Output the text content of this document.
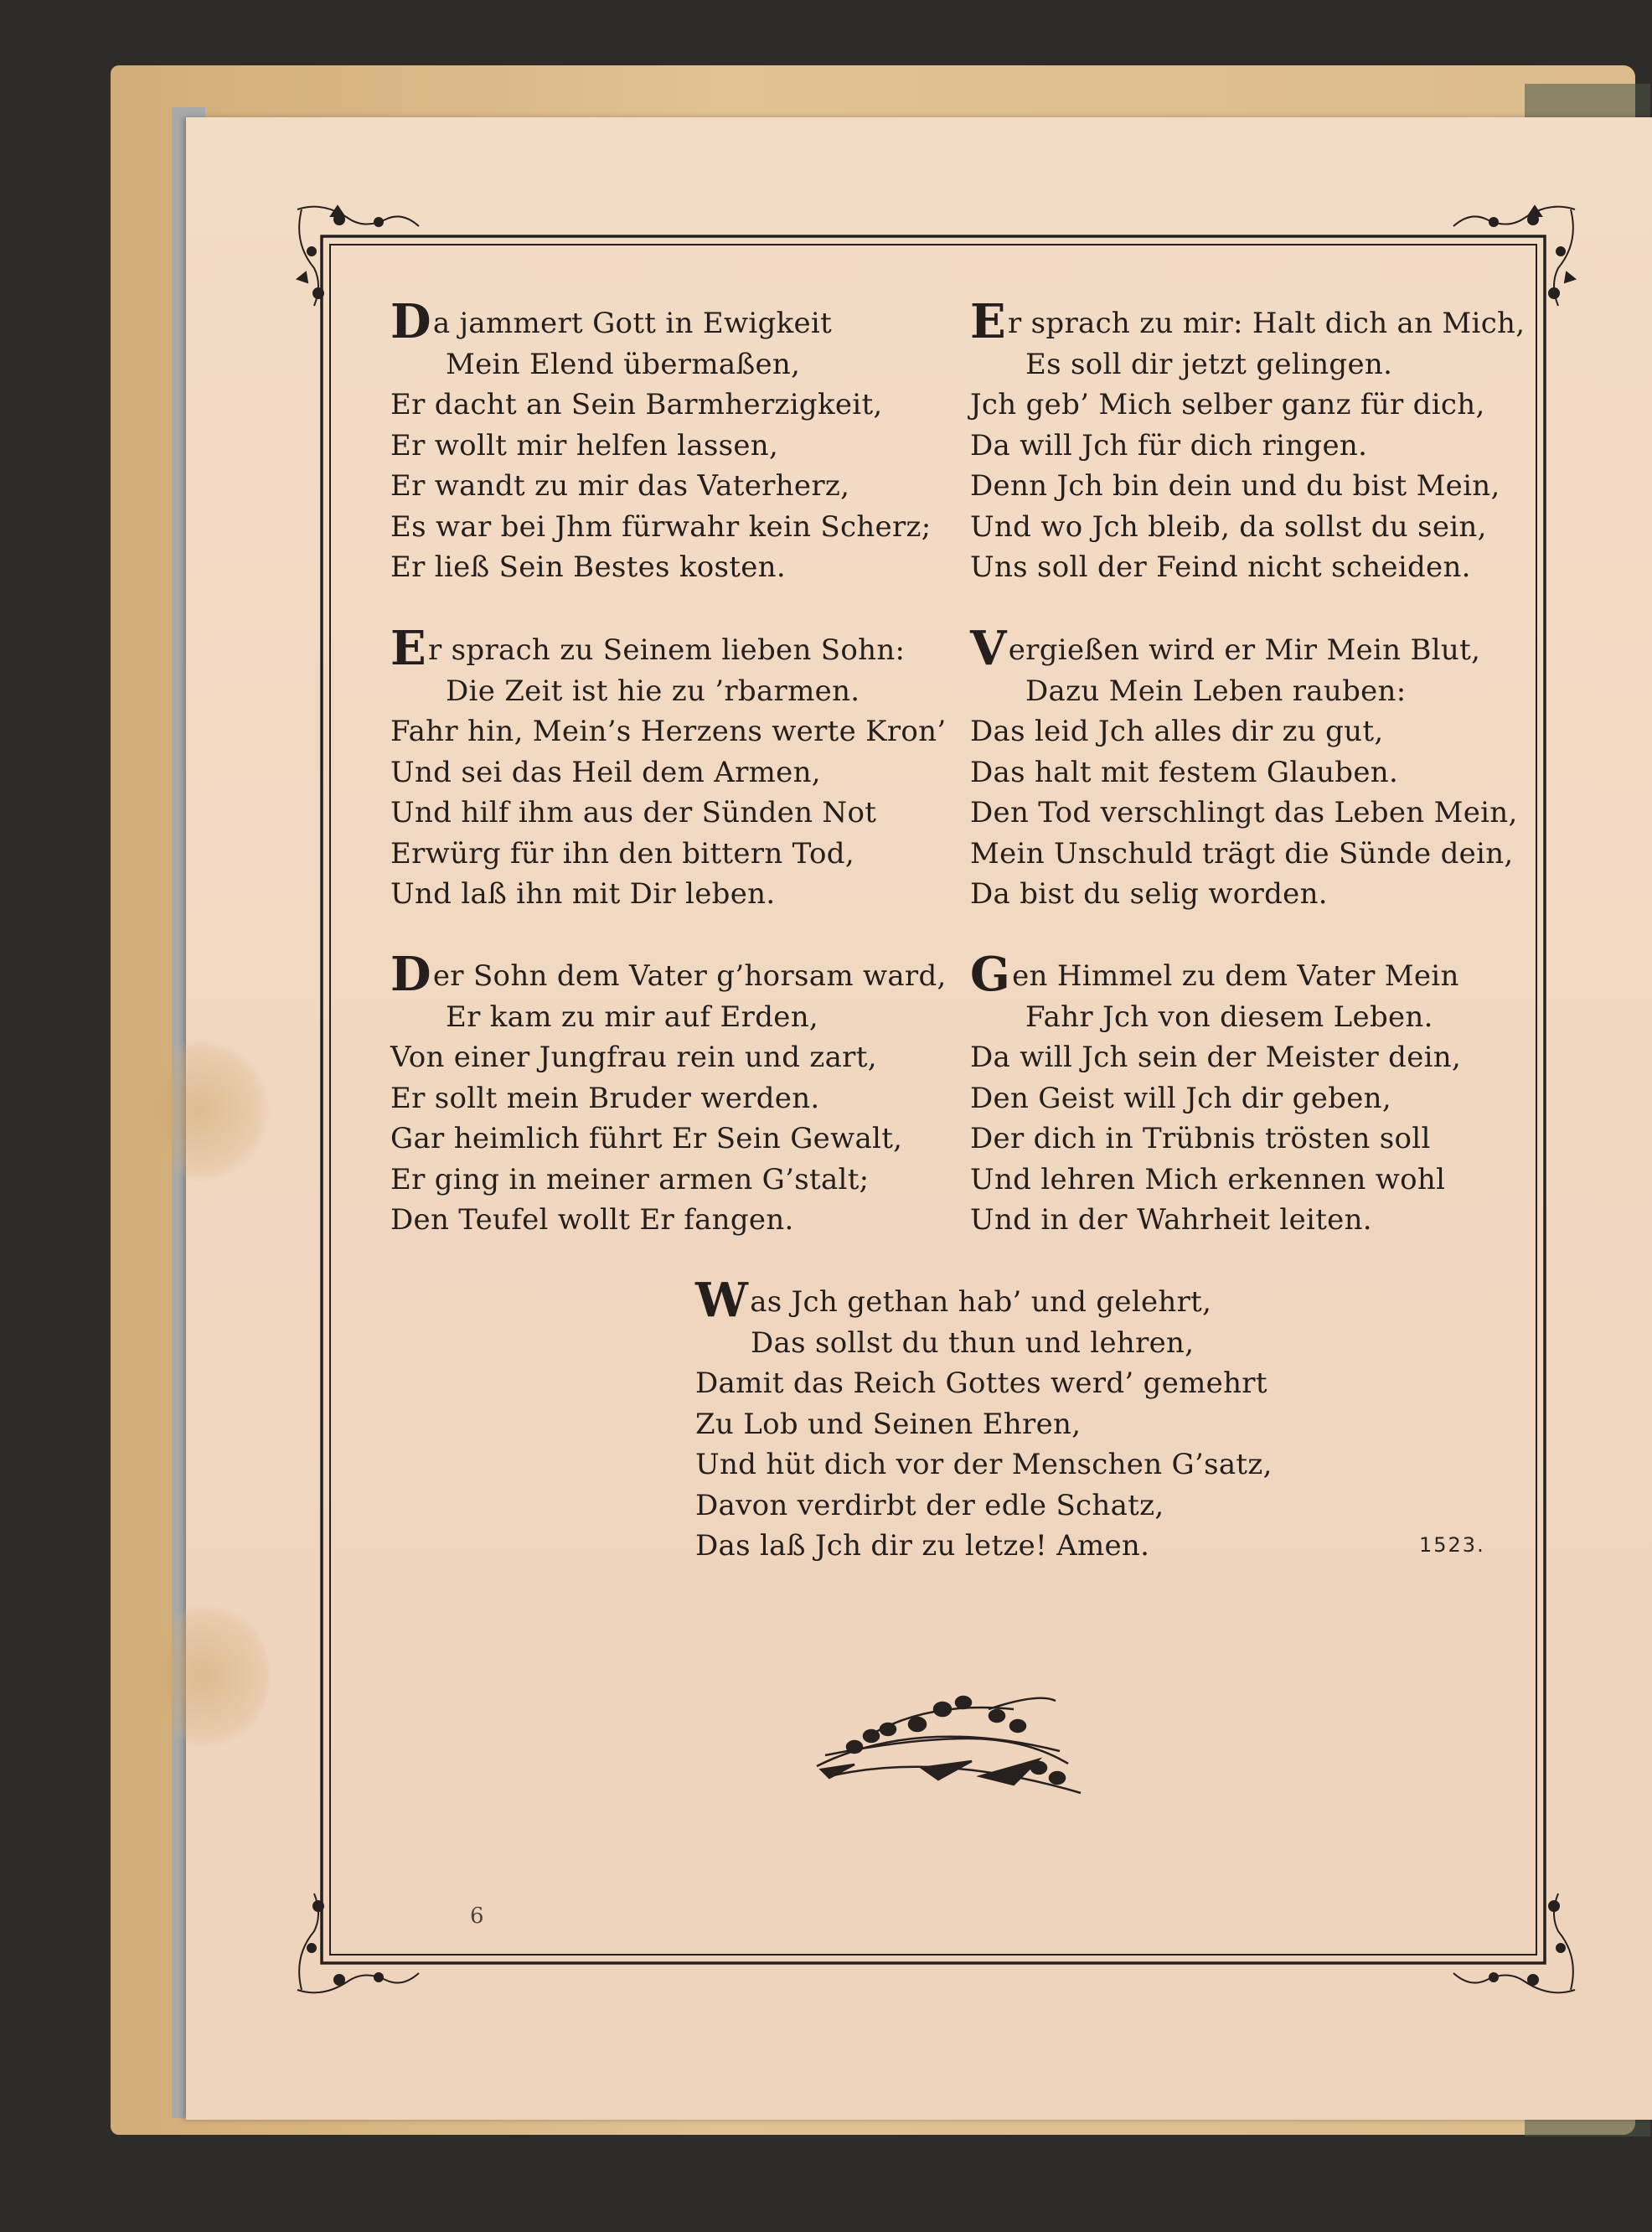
Da jammert Gott in Ewigkeit
Mein Elend übermaßen,
Er dacht an Sein Barmherzigkeit,
Er wollt mir helfen lassen,
Er wandt zu mir das Vaterherz,
Es war bei Jhm fürwahr kein Scherz;
Er ließ Sein Bestes kosten.
Er sprach zu Seinem lieben Sohn:
Die Zeit ist hie zu ’rbarmen.
Fahr hin, Mein’s Herzens werte Kron’
Und sei das Heil dem Armen,
Und hilf ihm aus der Sünden Not
Erwürg für ihn den bittern Tod,
Und laß ihn mit Dir leben.
Der Sohn dem Vater g’horsam ward,
Er kam zu mir auf Erden,
Von einer Jungfrau rein und zart,
Er sollt mein Bruder werden.
Gar heimlich führt Er Sein Gewalt,
Er ging in meiner armen G’stalt;
Den Teufel wollt Er fangen.
Er sprach zu mir: Halt dich an Mich,
Es soll dir jetzt gelingen.
Jch geb’ Mich selber ganz für dich,
Da will Jch für dich ringen.
Denn Jch bin dein und du bist Mein,
Und wo Jch bleib, da sollst du sein,
Uns soll der Feind nicht scheiden.
Vergießen wird er Mir Mein Blut,
Dazu Mein Leben rauben:
Das leid Jch alles dir zu gut,
Das halt mit festem Glauben.
Den Tod verschlingt das Leben Mein,
Mein Unschuld trägt die Sünde dein,
Da bist du selig worden.
Gen Himmel zu dem Vater Mein
Fahr Jch von diesem Leben.
Da will Jch sein der Meister dein,
Den Geist will Jch dir geben,
Der dich in Trübnis trösten soll
Und lehren Mich erkennen wohl
Und in der Wahrheit leiten.
Was Jch gethan hab’ und gelehrt,
Das sollst du thun und lehren,
Damit das Reich Gottes werd’ gemehrt
Zu Lob und Seinen Ehren,
Und hüt dich vor der Menschen G’satz,
Davon verdirbt der edle Schatz,
Das laß Jch dir zu letze! Amen.	1523.
6
